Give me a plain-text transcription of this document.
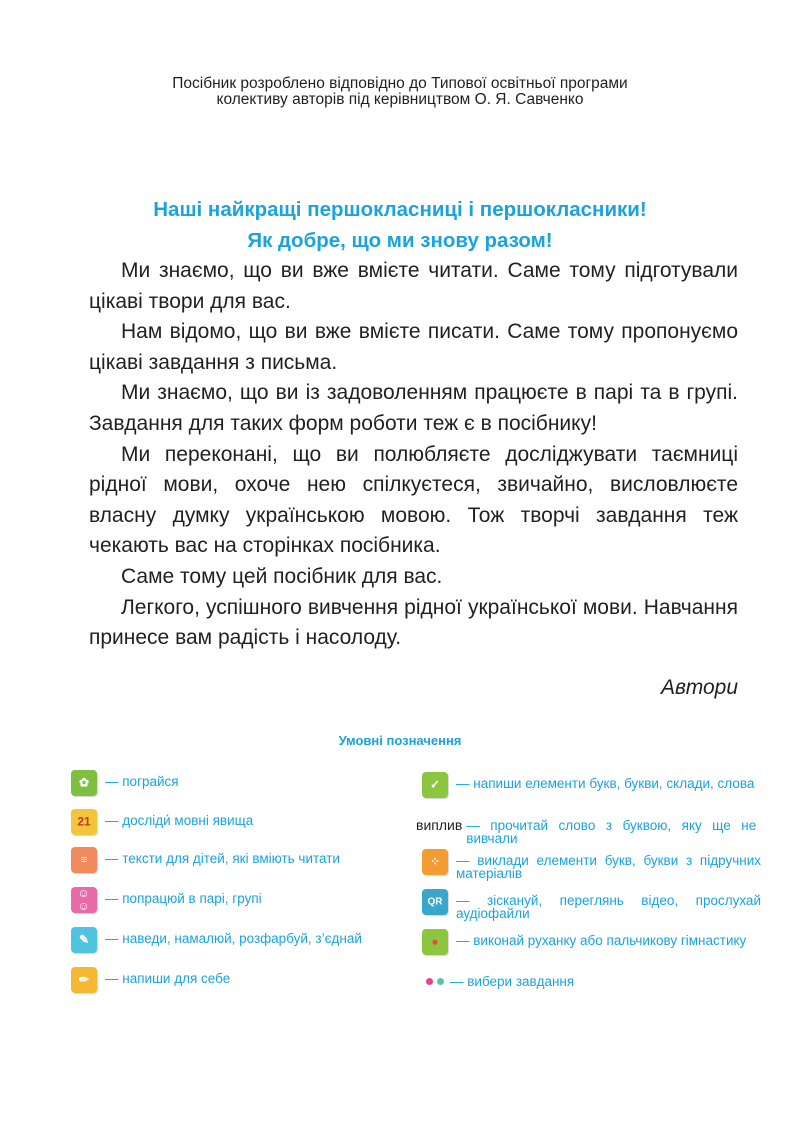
Посібник розроблено відповідно до Типової освітньої програми
колективу авторів під керівництвом О. Я. Савченко
Наші найкращі першокласниці і першокласники!
Як добре, що ми знову разом!

Ми знаємо, що ви вже вмієте читати. Саме тому підготували цікаві твори для вас.

Нам відомо, що ви вже вмієте писати. Саме тому пропонуємо цікаві завдання з письма.

Ми знаємо, що ви із задоволенням працюєте в парі та в групі. Завдання для таких форм роботи теж є в посібнику!

Ми переконані, що ви полюбляєте досліджувати таємниці рідної мови, охоче нею спілкуєтеся, звичайно, висловлюєте власну думку українською мовою. Тож творчі завдання теж чекають вас на сторінках посібника.

Саме тому цей посібник для вас.

Легкого, успішного вивчення рідної української мови. Навчання принесе вам радість і насолоду.

Автори
Умовні позначення
✿ — пограйся
21 — досліди́ мовні явища
≡ — тексти для дітей, які вміють читати
☺☺ — попрацюй в парі, групі
✎ — наведи, намалюй, розфарбуй, з’єднай
✏ — напиши для себе
✓ — напиши елементи букв, букви, склади, слова
виплив — прочитай слово з буквою, яку ще не вивчали
⁘ — виклади елементи букв, букви з підручних матеріалів
QR — зіскануй, переглянь відео, прослухай аудіофайли
● — виконай руханку або пальчикову гімнастику
— вибери завдання
